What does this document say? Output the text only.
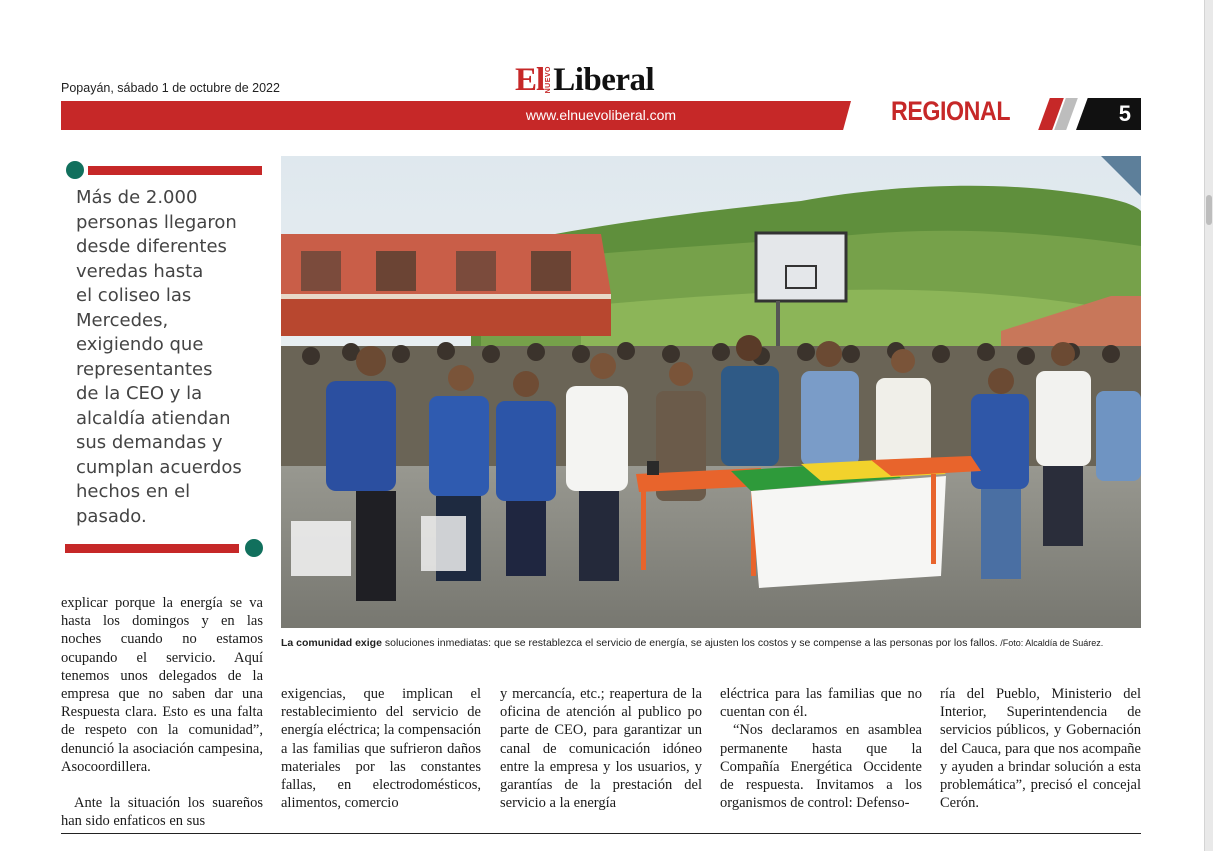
Popayán, sábado 1 de octubre de 2022	El NUEVO Liberal
www.elnuevoliberal.com	REGIONAL	5
Más de 2.000
personas llegaron
desde diferentes
veredas hasta
el coliseo las
Mercedes,
exigiendo que
representantes
de la CEO y la
alcaldía atiendan
sus demandas y
cumplan acuerdos
hechos en el
pasado.
La comunidad exige soluciones inmediatas: que se restablezca el servicio de energía, se ajusten los costos y se compense a las personas por los fallos. /Foto: Alcaldía de Suárez.

explicar porque la energía se va hasta los domingos y en las noches cuando no estamos ocupando el servicio. Aquí tenemos unos delegados de la empresa que no saben dar una Respuesta clara. Esto es una falta de respeto con la comunidad”, denunció la asociación campesina, Asocoordillera.

Ante la situación los suareños han sido enfaticos en sus

exigencias, que implican el restablecimiento del servicio de energía eléctrica; la compensación a las familias que sufrieron daños materiales por las constantes fallas, en electrodomésticos, alimentos, comercio

y mercancía, etc.; reapertura de la oficina de atención al publico po parte de CEO, para garantizar un canal de comunicación idóneo entre la empresa y los usuarios, y garantías de la prestación del servicio a la energía

eléctrica para las familias que no cuentan con él.

“Nos declaramos en asamblea permanente hasta que la Compañía Energética Occidente de respuesta. Invitamos a los organismos de control: Defenso-

ría del Pueblo, Ministerio del Interior, Superintendencia de servicios públicos, y Gobernación del Cauca, para que nos acompañe y ayuden a brindar solución a esta problemática”, precisó el concejal Cerón.
